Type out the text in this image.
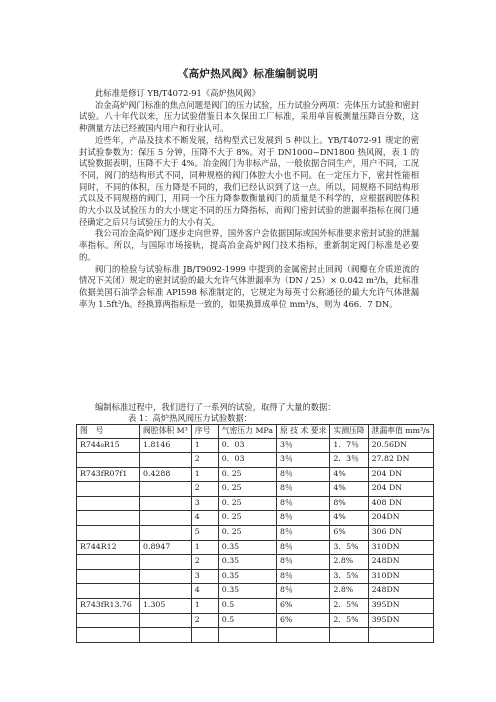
《高炉热风阀》标准编制说明

此标准是修订 YB/T4072-91《高炉热风阀》

冶金高炉阀门标准的焦点问题是阀门的压力试验，压力试验分两项：壳体压力试验和密封试验。八十年代以来，压力试验借鉴日本久保田工厂标准，采用单盲板测量压降百分数，这种测量方法已经被国内用户和行业认可。

近些年，产品及技术不断发展，结构型式已发展到 5 种以上。YB/T4072-91 规定的密封试验参数为：保压 5 分钟，压降不大于 8%。对于 DN1000~DN1800 热风阀，表 1 的试验数据表明，压降不大于 4%。冶金阀门为非标产品，一般依据合同生产，用户不同，工况不同，阀门的结构形式不同，同种规格的阀门体腔大小也不同。在一定压力下，密封性能相同时，不同的体积，压力降是不同的，我们已经认识到了这一点。所以，同规格不同结构形式以及不同规格的阀门，用同一个压力降参数衡量阀门的质量是不科学的，应根据阀腔体积的大小以及试验压力的大小规定不同的压力降指标，而阀门密封试验的泄漏率指标在阀门通径确定之后只与试验压力的大小有关。

我公司冶金高炉阀门逐步走向世界，国外客户会依据国际或国外标准要求密封试验的泄漏率指标。所以，与国际市场接轨，提高冶金高炉阀门技术指标，重新制定阀门标准是必要的。

阀门的检验与试验标准 JB/T9092-1999 中提到的金属密封止回阀（阀瓣在介质逆流的情况下关闭）规定的密封试验的最大允许气体泄漏率为（DN / 25）× 0.042 m³/h，此标准依据美国石油学会标准 API598 标准制定的，它规定为每英寸公称通径的最大允许气体泄漏率为 1.5ft³/h。经换算两指标是一致的，如果换算成单位 mm³/s，则为 466．7 DN。

编制标准过程中，我们进行了一系列的试验，取得了大量的数据：
表 1：高炉热风阀压力试验数据：
图　号	阀腔体积 M³	序号	气密压力 MPa	原 技 术 要求	实测压降	泄漏率值 mm³/s
R744₈R15	1.8146	1	0．03	3％	1．7％	20.56DN
		2	0．03	3％	2．3％	27.82 DN
R743fR07f1	0.4288	1	0. 25	8％	4%	204 DN
		2	0. 25	8％	4%	204 DN
		3	0. 25	8％	8%	408 DN
		4	0. 25	8％	4%	204DN
		5	0. 25	8％	6%	306 DN
R744R12	0.8947	1	0.35	8％	3．5%	310DN
		2	0.35	8％	2.8%	248DN
		3	0.35	8％	3．5%	310DN
		4	0.35	8％	2.8%	248DN
R743fR13.76	1.305	1	0.5	6%	2．5%	395DN
		2	0.5	6%	2．5%	395DN
